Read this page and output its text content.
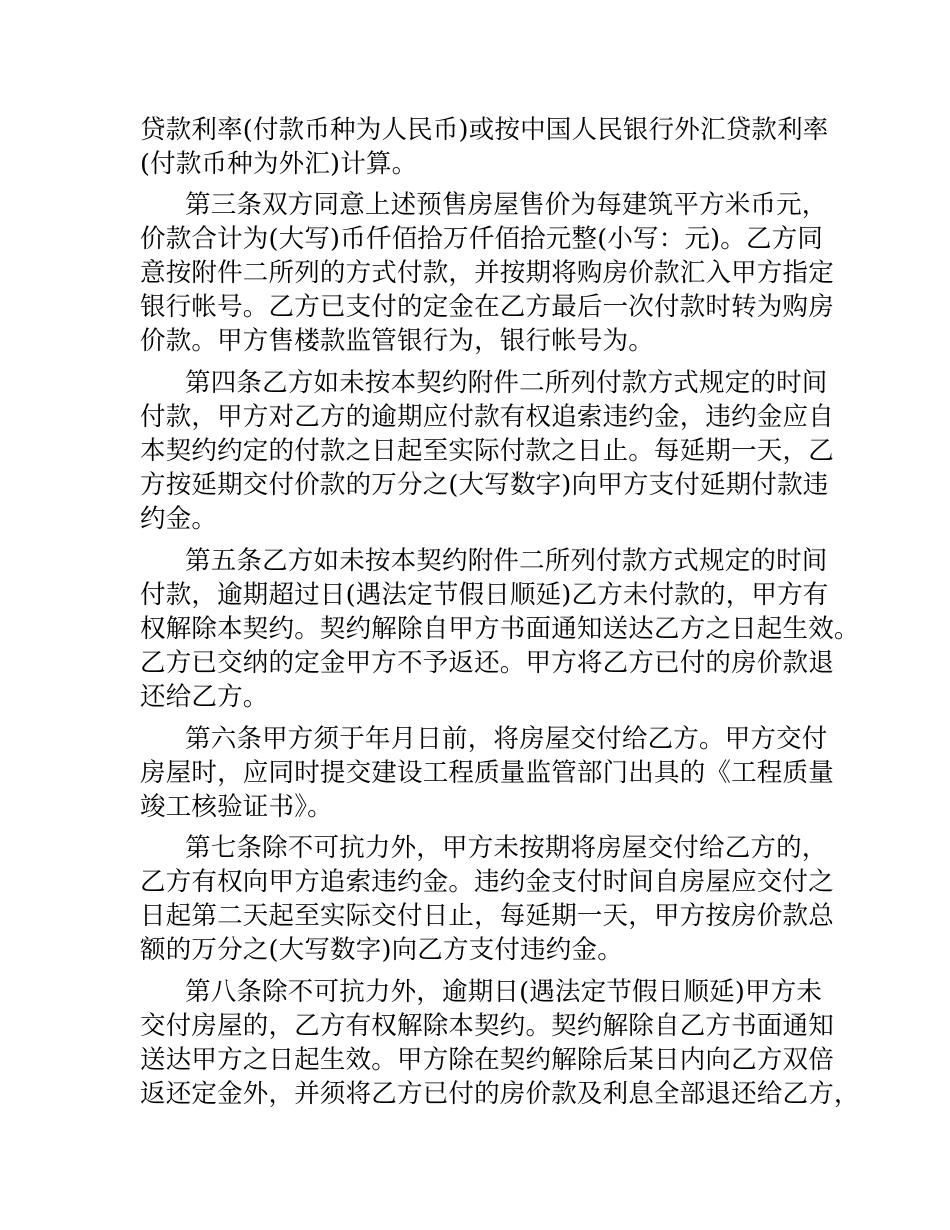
贷款利率(付款币种为人民币)或按中国人民银行外汇贷款利率

(付款币种为外汇)计算。

第三条双方同意上述预售房屋售价为每建筑平方米币元，

价款合计为(大写)币仟佰拾万仟佰拾元整(小写：元)。乙方同

意按附件二所列的方式付款，并按期将购房价款汇入甲方指定

银行帐号。乙方已支付的定金在乙方最后一次付款时转为购房

价款。甲方售楼款监管银行为，银行帐号为。

第四条乙方如未按本契约附件二所列付款方式规定的时间

付款，甲方对乙方的逾期应付款有权追索违约金，违约金应自

本契约约定的付款之日起至实际付款之日止。每延期一天，乙

方按延期交付价款的万分之(大写数字)向甲方支付延期付款违

约金。

第五条乙方如未按本契约附件二所列付款方式规定的时间

付款，逾期超过日(遇法定节假日顺延)乙方未付款的，甲方有

权解除本契约。契约解除自甲方书面通知送达乙方之日起生效。

乙方已交纳的定金甲方不予返还。甲方将乙方已付的房价款退

还给乙方。

第六条甲方须于年月日前，将房屋交付给乙方。甲方交付

房屋时，应同时提交建设工程质量监管部门出具的《工程质量

竣工核验证书》。

第七条除不可抗力外，甲方未按期将房屋交付给乙方的，

乙方有权向甲方追索违约金。违约金支付时间自房屋应交付之

日起第二天起至实际交付日止，每延期一天，甲方按房价款总

额的万分之(大写数字)向乙方支付违约金。

第八条除不可抗力外，逾期日(遇法定节假日顺延)甲方未

交付房屋的，乙方有权解除本契约。契约解除自乙方书面通知

送达甲方之日起生效。甲方除在契约解除后某日内向乙方双倍

返还定金外，并须将乙方已付的房价款及利息全部退还给乙方，
